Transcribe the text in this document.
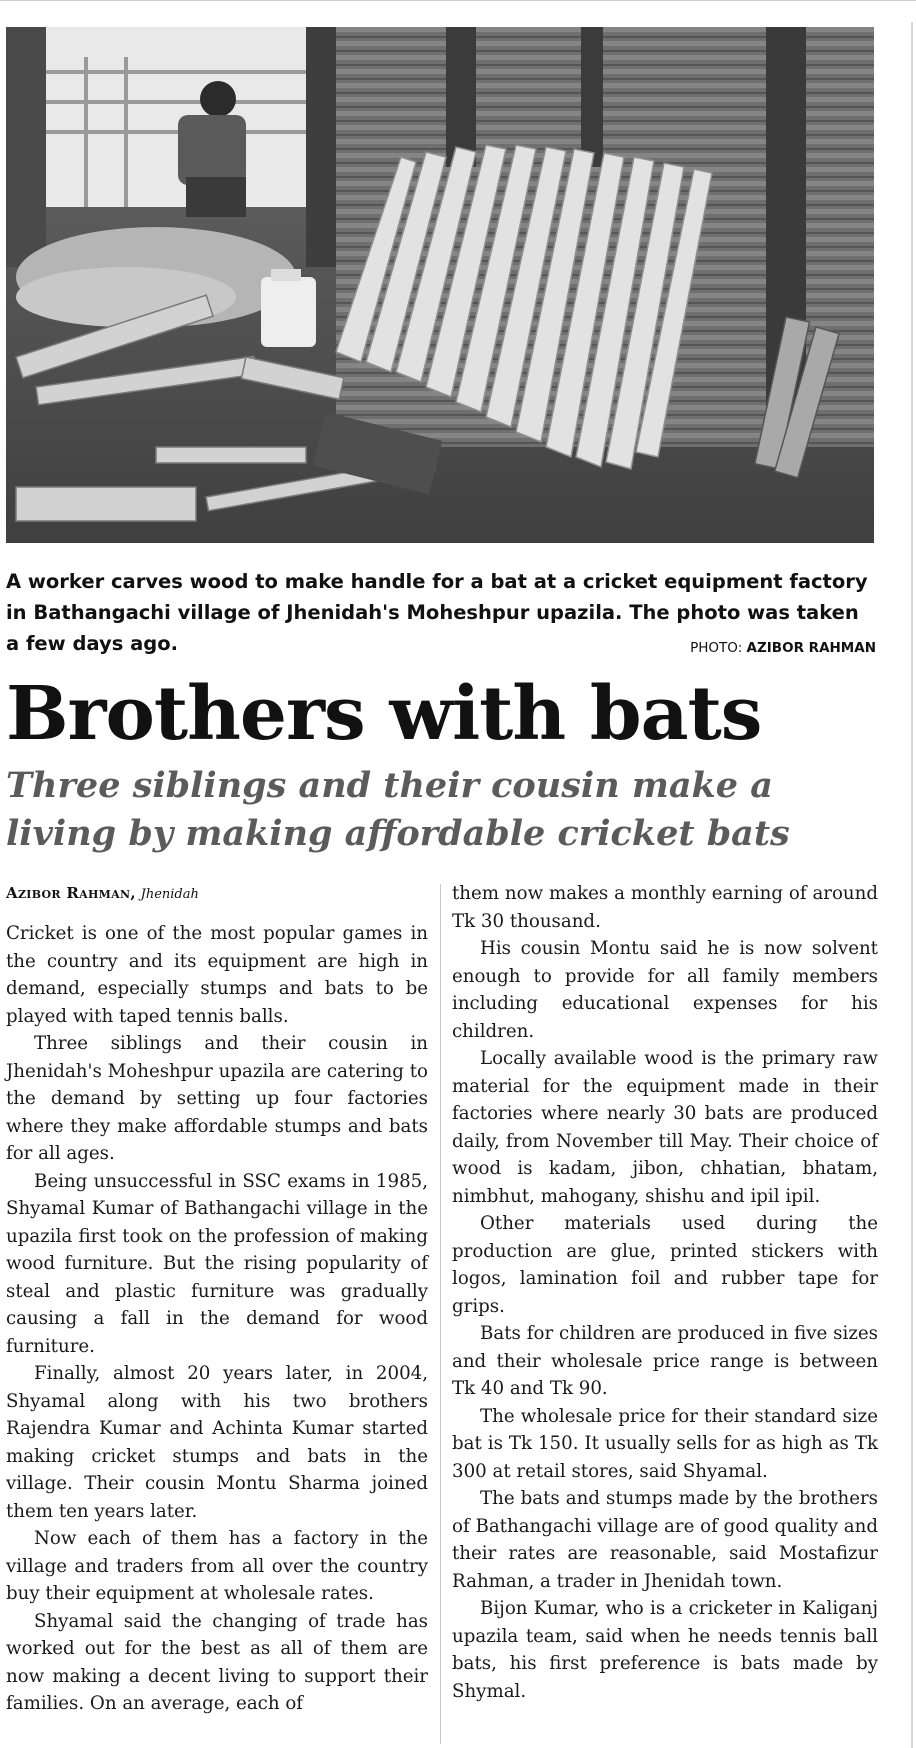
A worker carves wood to make handle for a bat at a cricket equipment factory in Bathangachi village of Jhenidah's Moheshpur upazila. The photo was taken a few days ago.	PHOTO: AZIBOR RAHMAN
Brothers with bats
Three siblings and their cousin make a living by making affordable cricket bats
Azibor Rahman, Jhenidah

Cricket is one of the most popular games in the country and its equipment are high in demand, especially stumps and bats to be played with taped tennis balls.

Three siblings and their cousin in Jhenidah's Moheshpur upazila are catering to the demand by setting up four factories where they make affordable stumps and bats for all ages.

Being unsuccessful in SSC exams in 1985, Shyamal Kumar of Bathangachi village in the upazila first took on the profession of making wood furniture. But the rising popularity of steal and plastic furniture was gradually causing a fall in the demand for wood furniture.

Finally, almost 20 years later, in 2004, Shyamal along with his two brothers Rajendra Kumar and Achinta Kumar started making cricket stumps and bats in the village. Their cousin Montu Sharma joined them ten years later.

Now each of them has a factory in the village and traders from all over the country buy their equipment at wholesale rates.

Shyamal said the changing of trade has worked out for the best as all of them are now making a decent living to support their families. On an average, each of

them now makes a monthly earning of around Tk 30 thousand.

His cousin Montu said he is now solvent enough to provide for all family members including educational expenses for his children.

Locally available wood is the primary raw material for the equipment made in their factories where nearly 30 bats are produced daily, from November till May. Their choice of wood is kadam, jibon, chhatian, bhatam, nimbhut, mahogany, shishu and ipil ipil.

Other materials used during the production are glue, printed stickers with logos, lamination foil and rubber tape for grips.

Bats for children are produced in five sizes and their wholesale price range is between Tk 40 and Tk 90.

The wholesale price for their standard size bat is Tk 150. It usually sells for as high as Tk 300 at retail stores, said Shyamal.

The bats and stumps made by the brothers of Bathangachi village are of good quality and their rates are reasonable, said Mostafizur Rahman, a trader in Jhenidah town.

Bijon Kumar, who is a cricketer in Kaliganj upazila team, said when he needs tennis ball bats, his first preference is bats made by Shymal.
